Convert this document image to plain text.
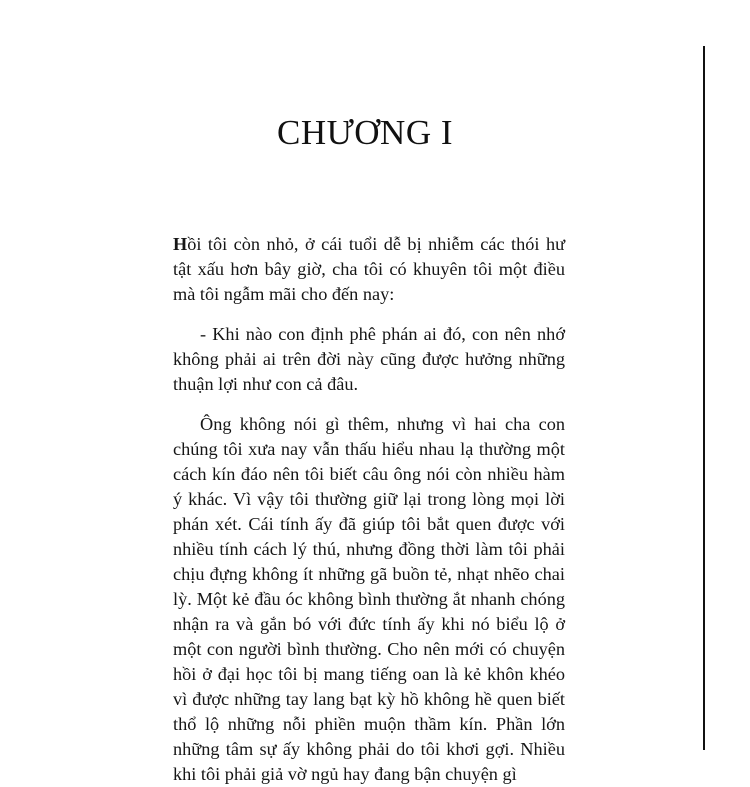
CHƯƠNG I

Hồi tôi còn nhỏ, ở cái tuổi dễ bị nhiễm các thói hư tật xấu hơn bây giờ, cha tôi có khuyên tôi một điều mà tôi ngẫm mãi cho đến nay:

- Khi nào con định phê phán ai đó, con nên nhớ không phải ai trên đời này cũng được hưởng những thuận lợi như con cả đâu.

Ông không nói gì thêm, nhưng vì hai cha con chúng tôi xưa nay vẫn thấu hiểu nhau lạ thường một cách kín đáo nên tôi biết câu ông nói còn nhiều hàm ý khác. Vì vậy tôi thường giữ lại trong lòng mọi lời phán xét. Cái tính ấy đã giúp tôi bắt quen được với nhiều tính cách lý thú, nhưng đồng thời làm tôi phải chịu đựng không ít những gã buồn tẻ, nhạt nhẽo chai lỳ. Một kẻ đầu óc không bình thường ắt nhanh chóng nhận ra và gắn bó với đức tính ấy khi nó biểu lộ ở một con người bình thường. Cho nên mới có chuyện hồi ở đại học tôi bị mang tiếng oan là kẻ khôn khéo vì được những tay lang bạt kỳ hồ không hề quen biết thổ lộ những nỗi phiền muộn thầm kín. Phần lớn những tâm sự ấy không phải do tôi khơi gợi. Nhiều khi tôi phải giả vờ ngủ hay đang bận chuyện gì
